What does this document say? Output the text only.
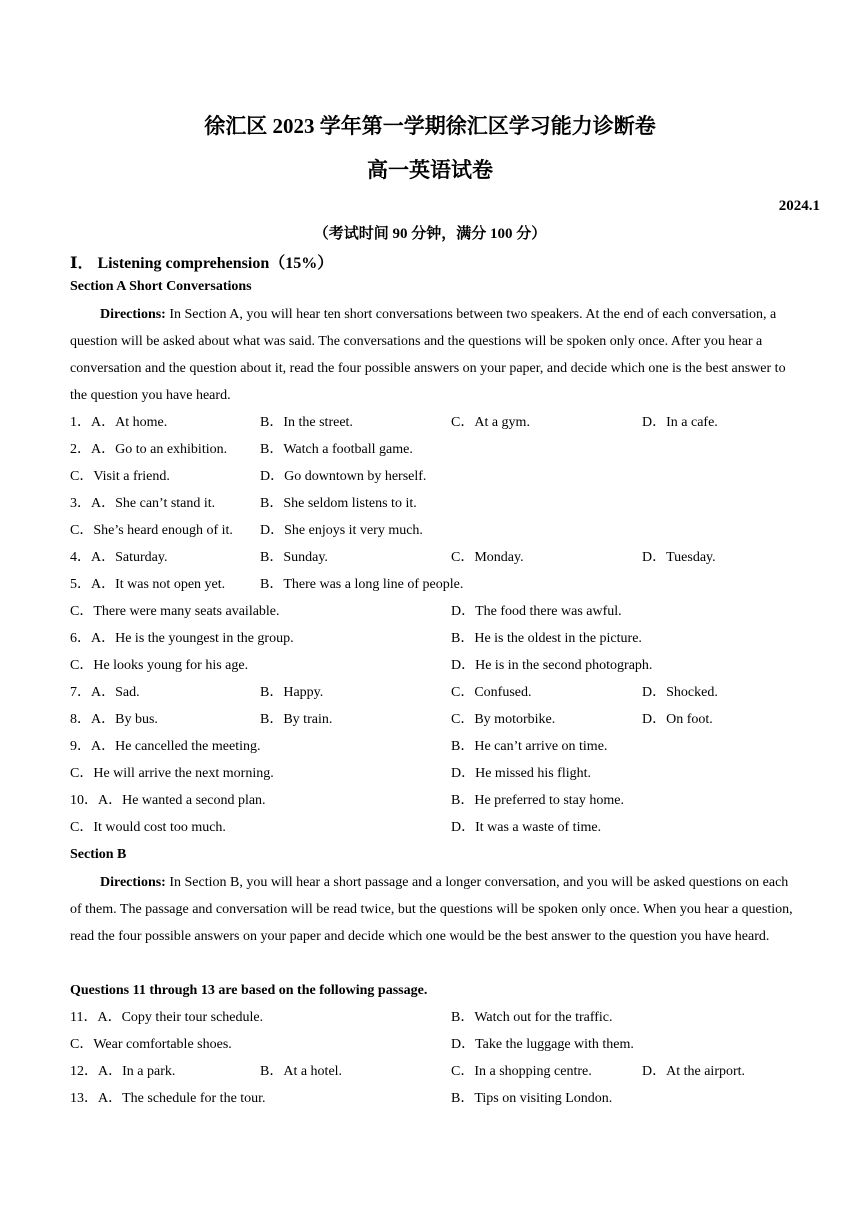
徐汇区 2023 学年第一学期徐汇区学习能力诊断卷
高一英语试卷
2024.1
（考试时间 90 分钟，满分 100 分）
Ⅰ． Listening comprehension（15%）
Section A Short Conversations
Directions: In Section A, you will hear ten short conversations between two speakers. At the end of each conversation, a question will be asked about what was said. The conversations and the questions will be spoken only once. After you hear a conversation and the question about it, read the four possible answers on your paper, and decide which one is the best answer to the question you have heard.
1．A．At home.	B．In the street.	C．At a gym.	D．In a cafe.
2．A．Go to an exhibition. B．Watch a football game.
C．Visit a friend.	D．Go downtown by herself.
3．A．She can’t stand it.	B．She seldom listens to it.
C．She’s heard enough of it. D．She enjoys it very much.
4．A．Saturday.	B．Sunday.	C．Monday.	D．Tuesday.
5．A．It was not open yet. B．There was a long line of people.
C．There were many seats available.	D．The food there was awful.
6．A．He is the youngest in the group.	B．He is the oldest in the picture.
C．He looks young for his age.	D．He is in the second photograph.
7．A．Sad.	B．Happy.	C．Confused.	D．Shocked.
8．A．By bus.	B．By train.	C．By motorbike.	D．On foot.
9．A．He cancelled the meeting.	B．He can’t arrive on time.
C．He will arrive the next morning.	D．He missed his flight.
10．A．He wanted a second plan.	B．He preferred to stay home.
C．It would cost too much.	D．It was a waste of time.
Section B
Directions: In Section B, you will hear a short passage and a longer conversation, and you will be asked questions on each of them. The passage and conversation will be read twice, but the questions will be spoken only once. When you hear a question, read the four possible answers on your paper and decide which one would be the best answer to the question you have heard.
Questions 11 through 13 are based on the following passage.
11．A．Copy their tour schedule.	B．Watch out for the traffic.
C．Wear comfortable shoes.	D．Take the luggage with them.
12．A．In a park.	B．At a hotel.	C．In a shopping centre.	D．At the airport.
13．A．The schedule for the tour.	B．Tips on visiting London.
